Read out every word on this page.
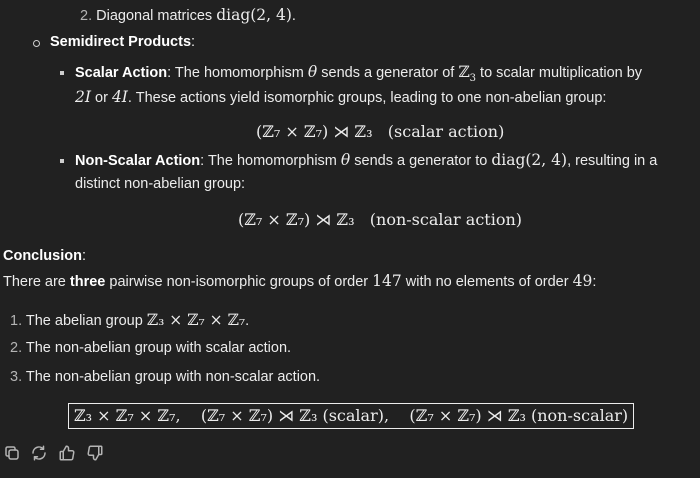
2. Diagonal matrices diag(2, 4).
Semidirect Products:
Scalar Action: The homomorphism θ sends a generator of ℤ$_3$ to scalar multiplication by
2I or 4I. These actions yield isomorphic groups, leading to one non-abelian group:
(ℤ₇ × ℤ₇) ⋊ ℤ₃ (scalar action)
Non-Scalar Action: The homomorphism θ sends a generator to diag(2, 4), resulting in a
distinct non-abelian group:
(ℤ₇ × ℤ₇) ⋊ ℤ₃ (non-scalar action)
Conclusion:
There are three pairwise non-isomorphic groups of order 147 with no elements of order 49:
1. The abelian group ℤ₃ × ℤ₇ × ℤ₇.
2. The non-abelian group with scalar action.
3. The non-abelian group with non-scalar action.
ℤ₃ × ℤ₇ × ℤ₇,    (ℤ₇ × ℤ₇) ⋊ ℤ₃ (scalar),    (ℤ₇ × ℤ₇) ⋊ ℤ₃ (non-scalar)
